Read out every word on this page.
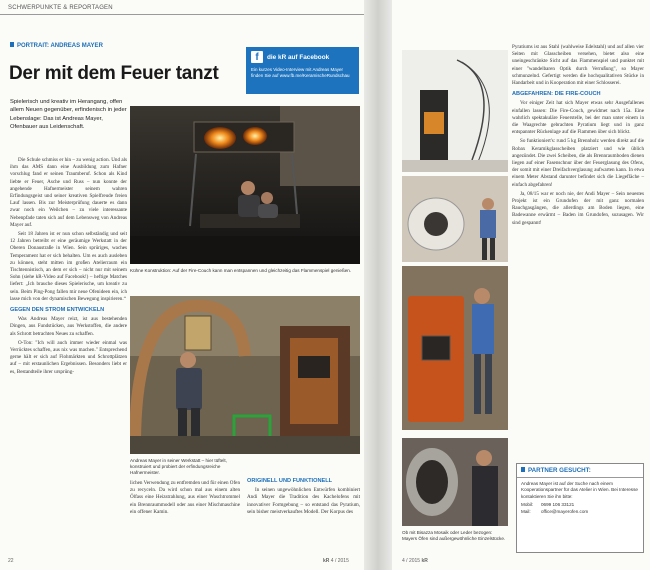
SCHWERPUNKTE & REPORTAGEN
PORTRAIT: ANDREAS MAYER
Der mit dem Feuer tanzt
f	die kR auf Facebook
Ein kurzes Video-Interview mit Andreas Mayer finden Sie auf www.fb.me/KeramischeRundschau
Spielerisch und kreativ im Herangang, offen allem Neuen gegenüber, erfindenisch in jeder Lebenslage: Das ist Andreas Mayer, Ofenbauer aus Leidenschaft.

Die Schule schmiss er hin – zu wenig action. Und als ihm das AMS dann eine Ausbildung zum Hafner vorschlug fand er seinen Traumberuf. Schon als Kind liebte er Feuer, Asche und Russ – nun konnte der angehende Hafnermeister seinem wahren Erfindungsgeist und seiner kreativen Spielfreude freien Lauf lassen. Bis zur Meisterprüfung dauerte es dann zwar noch ein Weilchen – zu viele interessante Nebenpfade taten sich auf dem Lebensweg von Andreas Mayer auf.

Seit 18 Jahren ist er nun schon selbständig und seit 12 Jahren betreibt er eine geräumige Werkstatt in der Oberen Donaustraße in Wien. Sein sprüriges, waches Temperament hat er sich behalten. Um es auch ausleben zu können, steht mitten im großen Atelierraum ein Tischtennistisch, an dem er sich – nicht nur mit seinem Sohn (siehe kR-Video auf Facebook!) – heftige Matches liefert: „Ich brauche dieses Spielerische, um kreativ zu sein. Beim Ping-Pong fallen mir neue Ofenideen ein, ich lasse mich von der dynamischen Bewegung inspirieren.“

GEGEN DEN STROM ENTWICKELN

Was Andreas Mayer reizt, ist aus bestehenden Dingen, aus Fundstücken, aus Werkstoffen, die andere als Schrott betrachten Neues zu schaffen.

O-Ton: "Ich will auch immer wieder einmal was Verrücktes schaffen, aus nix was machen." Entsprechend gerne hält er sich auf Flohmärkten und Schrottplätzen auf – mit erstaunlichen Ergebnissen. Besonders liebt er es, Bestandteile ihrer ursprüng-

Kühne Konstruktion: Auf der Fire-Couch kann man entspannen und gleichzeitig das Flammenspiel genießen.
Andreas Mayer in seiner Werkstatt – hier tüftelt, konstruiert und probiert der erfindungsreiche Hafnermeister.

lichen Verwendung zu entfremden und für einen Ofen zu recyceln. Da wird schon mal aus einem alten Ölfass eine Heizstrahlung, aus einer Waschtrommel ein Brennraummodell oder aus einer Mischmaschine ein offener Kamin.

ORIGINELL UND FUNKTIONELL

In seinen ungewöhnlichen Entwürfen kombiniert Andi Mayer die Tradition des Kachelofens mit innovativer Formgebung – so entstand das Pyratium, sein bisher meistverkauftes Modell. Der Korpus des

22	kR 4 / 2015
Ob mit Bisazza Mosaik oder Leder bezogen: Mayers Öfen sind außergewöhnliche Einzelstücke.

Pyratiums ist aus Stahl (wahlweise Edelstahl) und auf allen vier Seiten mit Glasscheiben versehen, bietet also eine uneingeschränkte Sicht auf das Flammenspiel und punktet mit einer "wandelbaren Optik durch Verrußung", so Mayer schmunzelnd. Gefertigt werden die hochqualitativen Stücke in Handarbeit und in Kooperation mit einer Schlosserei.

ABGEFAHREN: DIE FIRE-COUCH

Vor einiger Zeit hat sich Mayer etwas sehr Ausgefallenes einfallen lassen: Die Fire-Couch, gewidmet nach 15a. Eine wahrlich spektakuläre Feuerstelle, bei der man unter einem in die Waagrechte gebrachten Pyratium liegt und in ganz entspannter Rückenlage auf die Flammen über sich blickt.

So funktioniert's: rund 5 kg Brennholz werden direkt auf die Robax Keramikglasscheiben platziert und wie üblich angezündet. Die zwei Scheiben, die als Brennraumboden dienen liegen auf einer Fasenschnur über der Feuerglasung des Ofens, der somit mit einer Dreifachverglasung aufwarten kann. In etwa einem Meter Abstand darunter befindet sich die Liegefläche – einfach abgefahren!

Ja, 08/15 war er noch nie, der Andi Mayer – Sein neuestes Projekt ist ein Grundofen der mit ganz normalen Rauchgasgängen, die allerdings am Boden liegen, eine Badewanne erwärmt – Baden im Grundofen, sozusagen. Wir sind gespannt!

PARTNER GESUCHT:
Andreas Mayer ist auf der Suche nach einem Kooperationspartner für das Atelier in Wien. Bei Interesse kontaktieren Sie ihn bitte:
Mobil: 0699 106 33121
Mail: office@mayerofen.com
4 / 2015 kR
